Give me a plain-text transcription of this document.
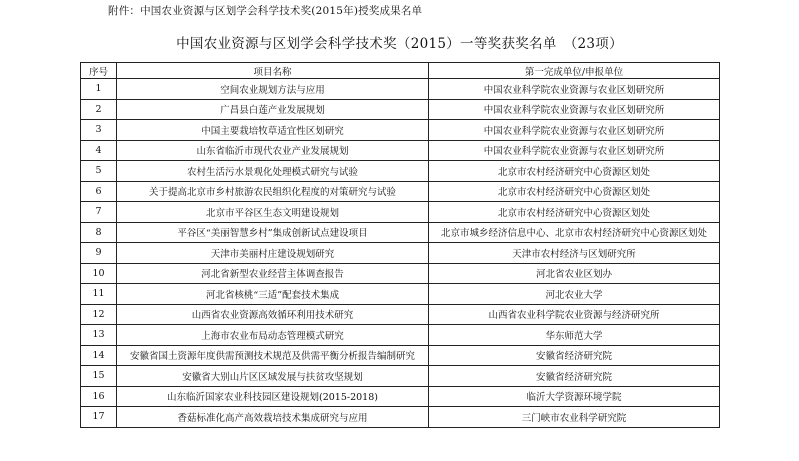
附件：中国农业资源与区划学会科学技术奖(2015年)授奖成果名单
中国农业资源与区划学会科学技术奖（2015）一等奖获奖名单　（23项）
序号	项目名称	第一完成单位/申报单位
1	空间农业规划方法与应用	中国农业科学院农业资源与农业区划研究所
2	广昌县白莲产业发展规划	中国农业科学院农业资源与农业区划研究所
3	中国主要栽培牧草适宜性区划研究	中国农业科学院农业资源与农业区划研究所
4	山东省临沂市现代农业产业发展规划	中国农业科学院农业资源与农业区划研究所
5	农村生活污水景观化处理模式研究与试验	北京市农村经济研究中心资源区划处
6	关于提高北京市乡村旅游农民组织化程度的对策研究与试验	北京市农村经济研究中心资源区划处
7	北京市平谷区生态文明建设规划	北京市农村经济研究中心资源区划处
8	平谷区“美丽智慧乡村”集成创新试点建设项目	北京市城乡经济信息中心、北京市农村经济研究中心资源区划处
9	天津市美丽村庄建设规划研究	天津市农村经济与区划研究所
10	河北省新型农业经营主体调查报告	河北省农业区划办
11	河北省核桃“三适”配套技术集成	河北农业大学
12	山西省农业资源高效循环利用技术研究	山西省农业科学院农业资源与经济研究所
13	上海市农业布局动态管理模式研究	华东师范大学
14	安徽省国土资源年度供需预测技术规范及供需平衡分析报告编制研究	安徽省经济研究院
15	安徽省大别山片区区域发展与扶贫攻坚规划	安徽省经济研究院
16	山东临沂国家农业科技园区建设规划(2015-2018)	临沂大学资源环境学院
17	香菇标准化高产高效栽培技术集成研究与应用	三门峡市农业科学研究院
